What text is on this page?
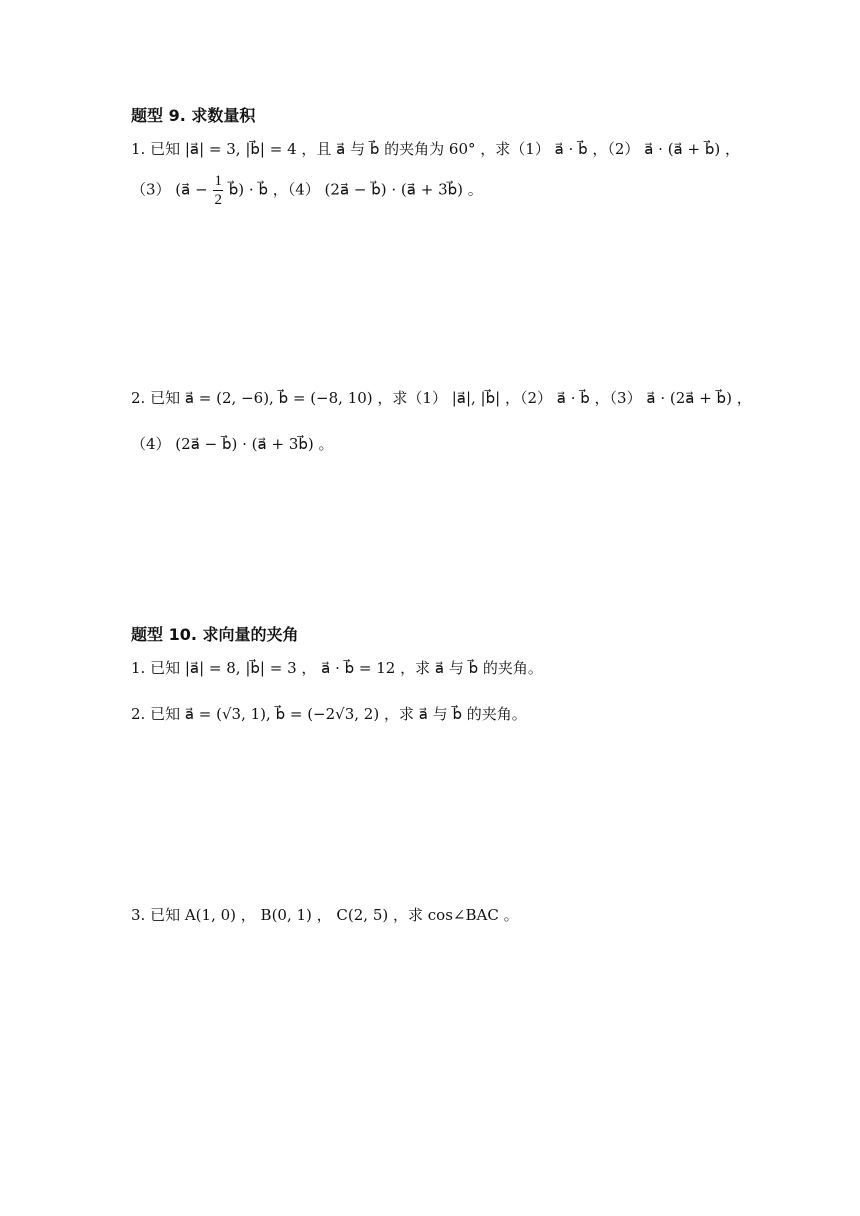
题型 9. 求数量积
1. 已知 |a⃗| = 3, |b⃗| = 4 ，且 a⃗ 与 b⃗ 的夹角为 60° ，求（1） a⃗ · b⃗ ，（2） a⃗ · (a⃗ + b⃗) ，
（3） (a⃗ − $\frac{1}{2}$ b⃗) · b⃗ ，（4） (2a⃗ − b⃗) · (a⃗ + 3b⃗) 。
2. 已知 a⃗ = (2, −6), b⃗ = (−8, 10) ，求（1） |a⃗|, |b⃗| ，（2） a⃗ · b⃗ ，（3） a⃗ · (2a⃗ + b⃗) ，
（4） (2a⃗ − b⃗) · (a⃗ + 3b⃗) 。
题型 10. 求向量的夹角
1. 已知 |a⃗| = 8, |b⃗| = 3 ， a⃗ · b⃗ = 12 ，求 a⃗ 与 b⃗ 的夹角。
2. 已知 a⃗ = (√3, 1), b⃗ = (−2√3, 2) ，求 a⃗ 与 b⃗ 的夹角。
3. 已知 A(1, 0) ， B(0, 1) ， C(2, 5) ，求 cos∠BAC 。
